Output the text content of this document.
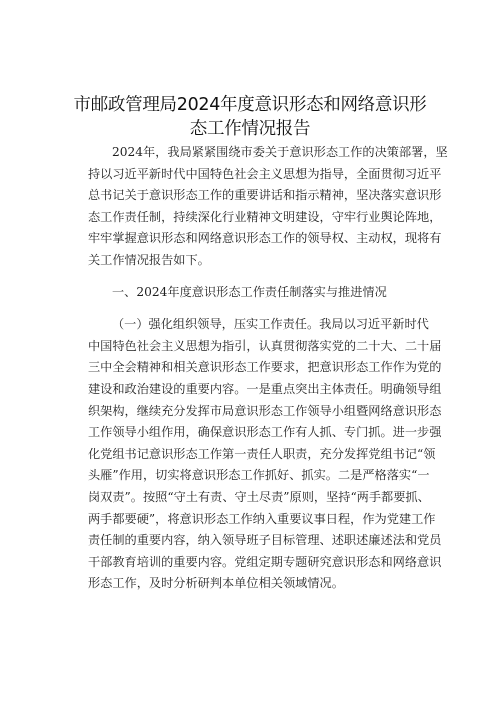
市邮政管理局2024年度意识形态和网络意识形
态工作情况报告
2024年，我局紧紧围绕市委关于意识形态工作的决策部署，坚
持以习近平新时代中国特色社会主义思想为指导，全面贯彻习近平
总书记关于意识形态工作的重要讲话和指示精神，坚决落实意识形
态工作责任制，持续深化行业精神文明建设，守牢行业舆论阵地，
牢牢掌握意识形态和网络意识形态工作的领导权、主动权，现将有
关工作情况报告如下。
一、2024年度意识形态工作责任制落实与推进情况
（一）强化组织领导，压实工作责任。我局以习近平新时代
中国特色社会主义思想为指引，认真贯彻落实党的二十大、二十届
三中全会精神和相关意识形态工作要求，把意识形态工作作为党的
建设和政治建设的重要内容。一是重点突出主体责任。明确领导组
织架构，继续充分发挥市局意识形态工作领导小组暨网络意识形态
工作领导小组作用，确保意识形态工作有人抓、专门抓。进一步强
化党组书记意识形态工作第一责任人职责，充分发挥党组书记“领
头雁”作用，切实将意识形态工作抓好、抓实。二是严格落实“一
岗双责”。按照“守土有责、守土尽责”原则，坚持“两手都要抓、
两手都要硬”，将意识形态工作纳入重要议事日程，作为党建工作
责任制的重要内容，纳入领导班子目标管理、述职述廉述法和党员
干部教育培训的重要内容。党组定期专题研究意识形态和网络意识
形态工作，及时分析研判本单位相关领域情况。
